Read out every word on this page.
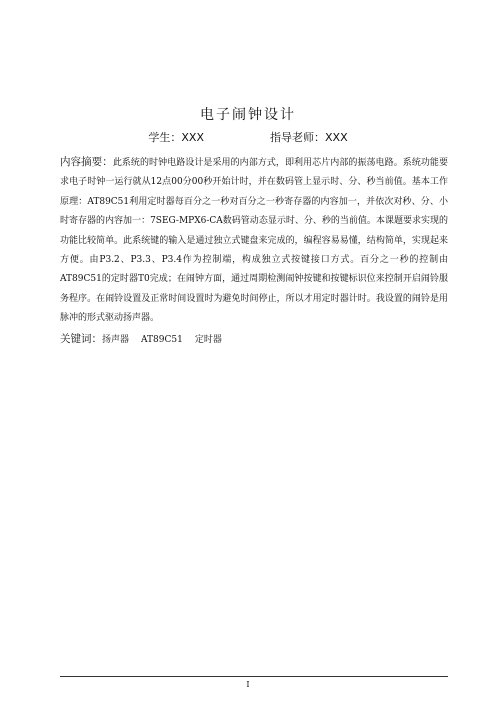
电子闹钟设计
学生：XXX	指导老师：XXX
内容摘要：此系统的时钟电路设计是采用的内部方式，即利用芯片内部的振荡电路。系统功能要求电子时钟一运行就从12点00分00秒开始计时，并在数码管上显示时、分、秒当前值。基本工作原理：AT89C51利用定时器每百分之一秒对百分之一秒寄存器的内容加一，并依次对秒、分、小时寄存器的内容加一：7SEG-MPX6-CA数码管动态显示时、分、秒的当前值。本课题要求实现的功能比较简单。此系统键的输入是通过独立式键盘来完成的，编程容易易懂，结构简单，实现起来方便。由P3.2、P3.3、P3.4作为控制端，构成独立式按键接口方式。百分之一秒的控制由AT89C51的定时器T0完成；在闹钟方面，通过周期检测闹钟按键和按键标识位来控制开启闹铃服务程序。在闹铃设置及正常时间设置时为避免时间停止，所以才用定时器计时。我设置的闹铃是用脉冲的形式驱动扬声器。
关键词：扬声器 AT89C51 定时器
I
